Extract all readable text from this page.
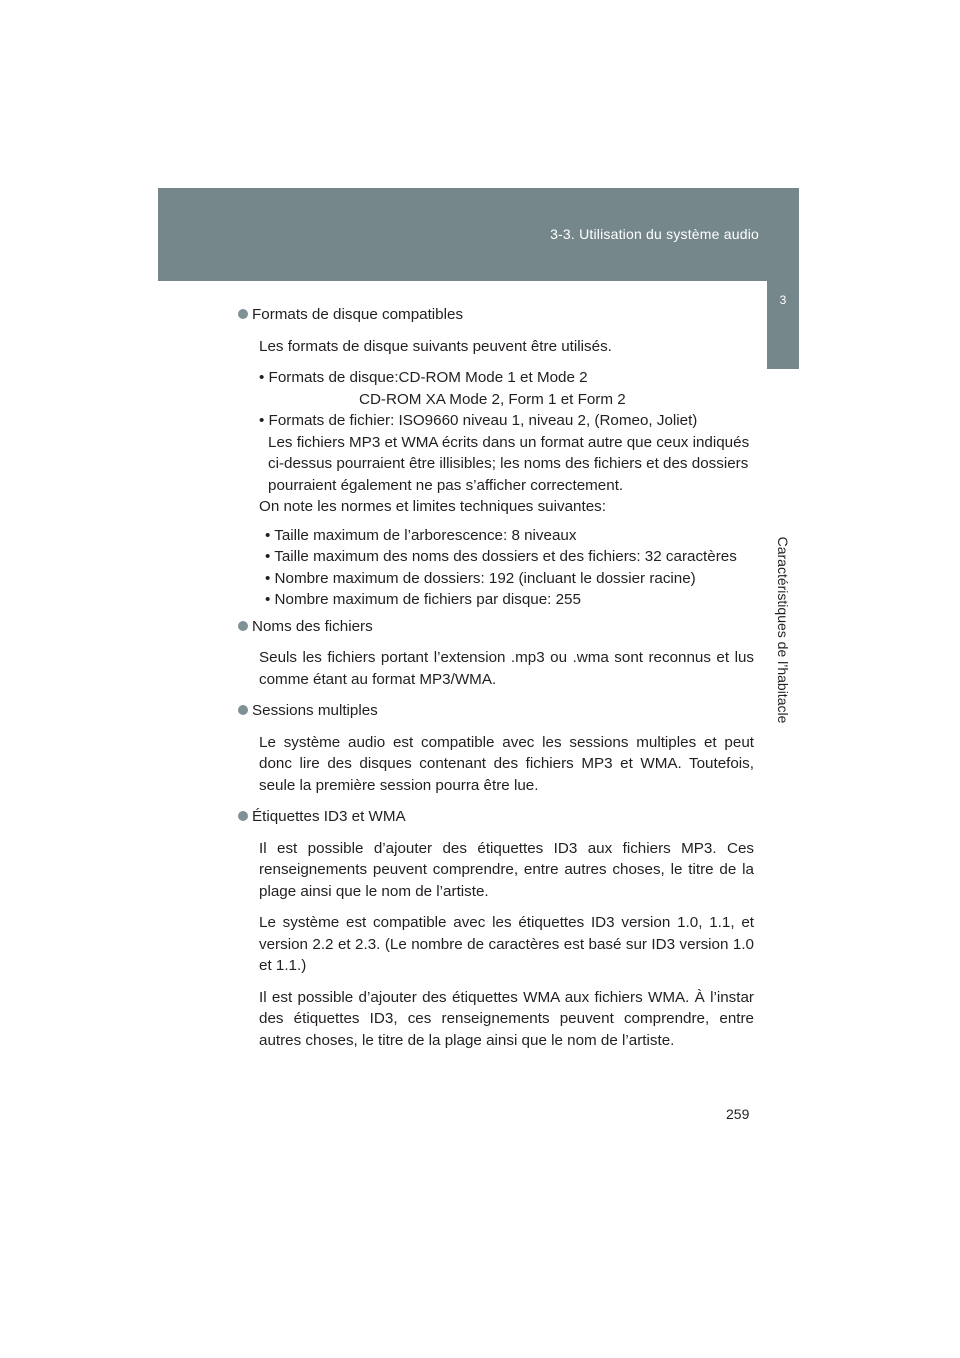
3-3. Utilisation du système audio
3
Caractéristiques de l’habitacle
Formats de disque compatibles

Les formats de disque suivants peuvent être utilisés.

• Formats de disque:CD-ROM Mode 1 et Mode 2
CD-ROM XA Mode 2, Form 1 et Form 2
• Formats de fichier: ISO9660 niveau 1, niveau 2, (Romeo, Joliet)
Les fichiers MP3 et WMA écrits dans un format autre que ceux indiqués
ci-dessus pourraient être illisibles; les noms des fichiers et des dossiers
pourraient également ne pas s’afficher correctement.
On note les normes et limites techniques suivantes:
• Taille maximum de l’arborescence: 8 niveaux
• Taille maximum des noms des dossiers et des fichiers: 32 caractères
• Nombre maximum de dossiers: 192 (incluant le dossier racine)
• Nombre maximum de fichiers par disque: 255
Noms des fichiers

Seuls les fichiers portant l’extension .mp3 ou .wma sont reconnus et lus comme étant au format MP3/WMA.

Sessions multiples

Le système audio est compatible avec les sessions multiples et peut donc lire des disques contenant des fichiers MP3 et WMA. Toutefois, seule la première session pourra être lue.

Étiquettes ID3 et WMA

Il est possible d’ajouter des étiquettes ID3 aux fichiers MP3. Ces renseignements peuvent comprendre, entre autres choses, le titre de la plage ainsi que le nom de l’artiste.

Le système est compatible avec les étiquettes ID3 version 1.0, 1.1, et version 2.2 et 2.3. (Le nombre de caractères est basé sur ID3 version 1.0 et 1.1.)

Il est possible d’ajouter des étiquettes WMA aux fichiers WMA. À l’instar des étiquettes ID3, ces renseignements peuvent comprendre, entre autres choses, le titre de la plage ainsi que le nom de l’artiste.

259
